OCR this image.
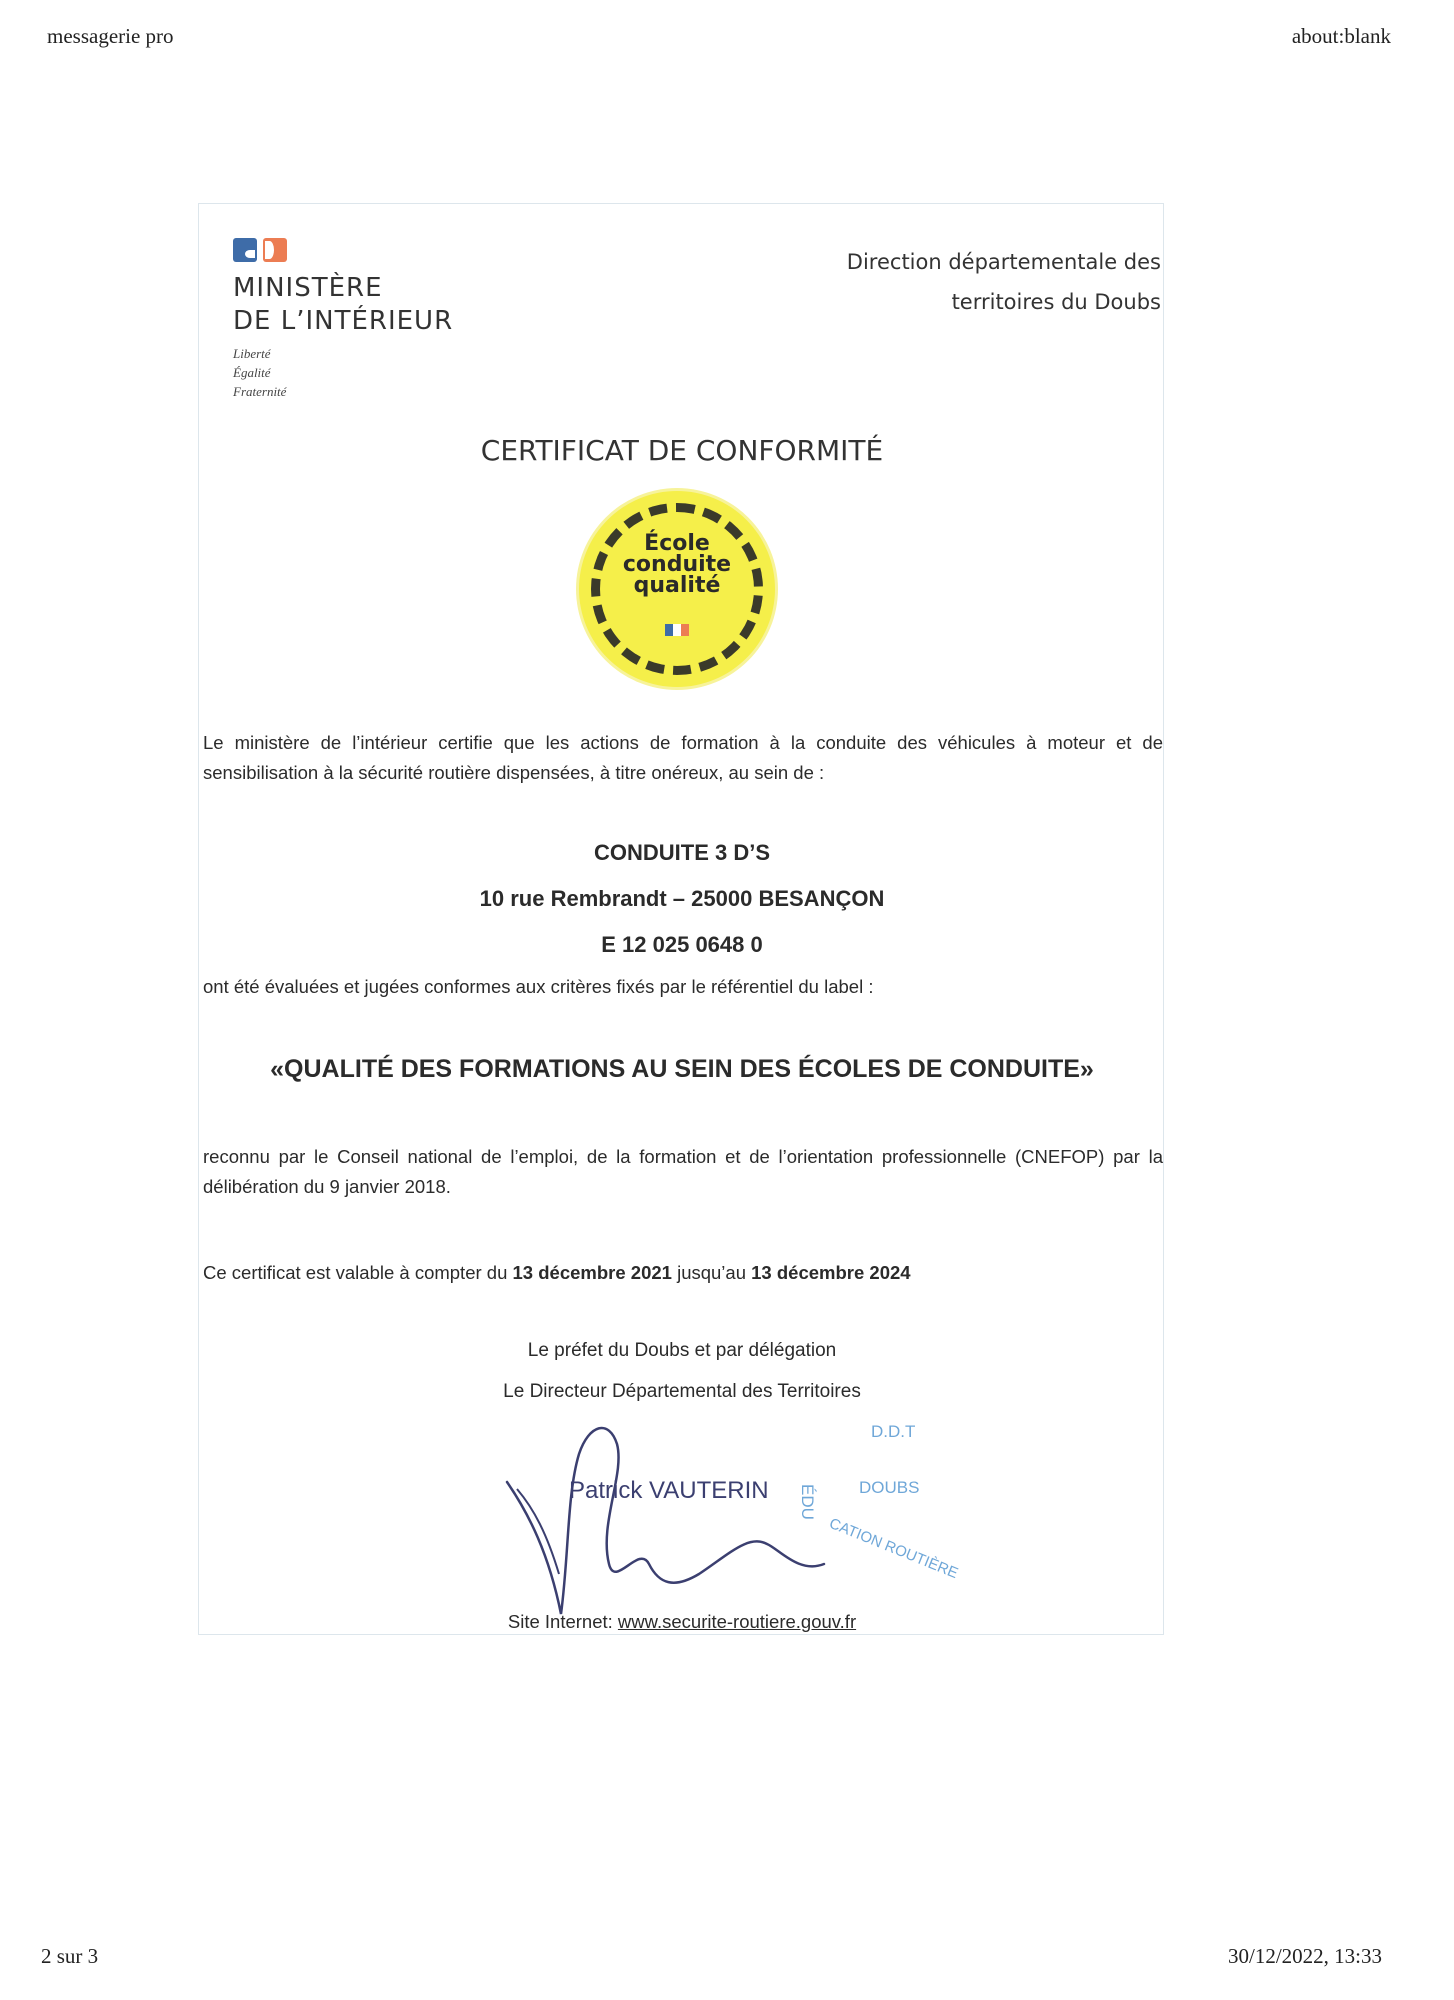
messagerie pro	about:blank
MINISTÈRE
DE L’INTÉRIEUR
Liberté
Égalité
Fraternité
Direction départementale des
territoires du Doubs
CERTIFICAT DE CONFORMITÉ
École
conduite
qualité
Le ministère de l’intérieur certifie que les actions de formation à la conduite des véhicules à moteur et de sensibilisation à la sécurité routière dispensées, à titre onéreux, au sein de :
CONDUITE 3 D’S
10 rue Rembrandt – 25000 BESANÇON
E 12 025 0648 0
ont été évaluées et jugées conformes aux critères fixés par le référentiel du label :
«QUALITÉ DES FORMATIONS AU SEIN DES ÉCOLES DE CONDUITE»
reconnu par le Conseil national de l’emploi, de la formation et de l’orientation professionnelle (CNEFOP) par la délibération du 9 janvier 2018.
Ce certificat est valable à compter du 13 décembre 2021 jusqu’au 13 décembre 2024
Le préfet du Doubs et par délégation
Le Directeur Départemental des Territoires
Patrick VAUTERIN
D.D.T
DOUBS
ÉDU
CATION ROUTIÈRE
Site Internet: www.securite-routiere.gouv.fr
2 sur 3	30/12/2022, 13:33
